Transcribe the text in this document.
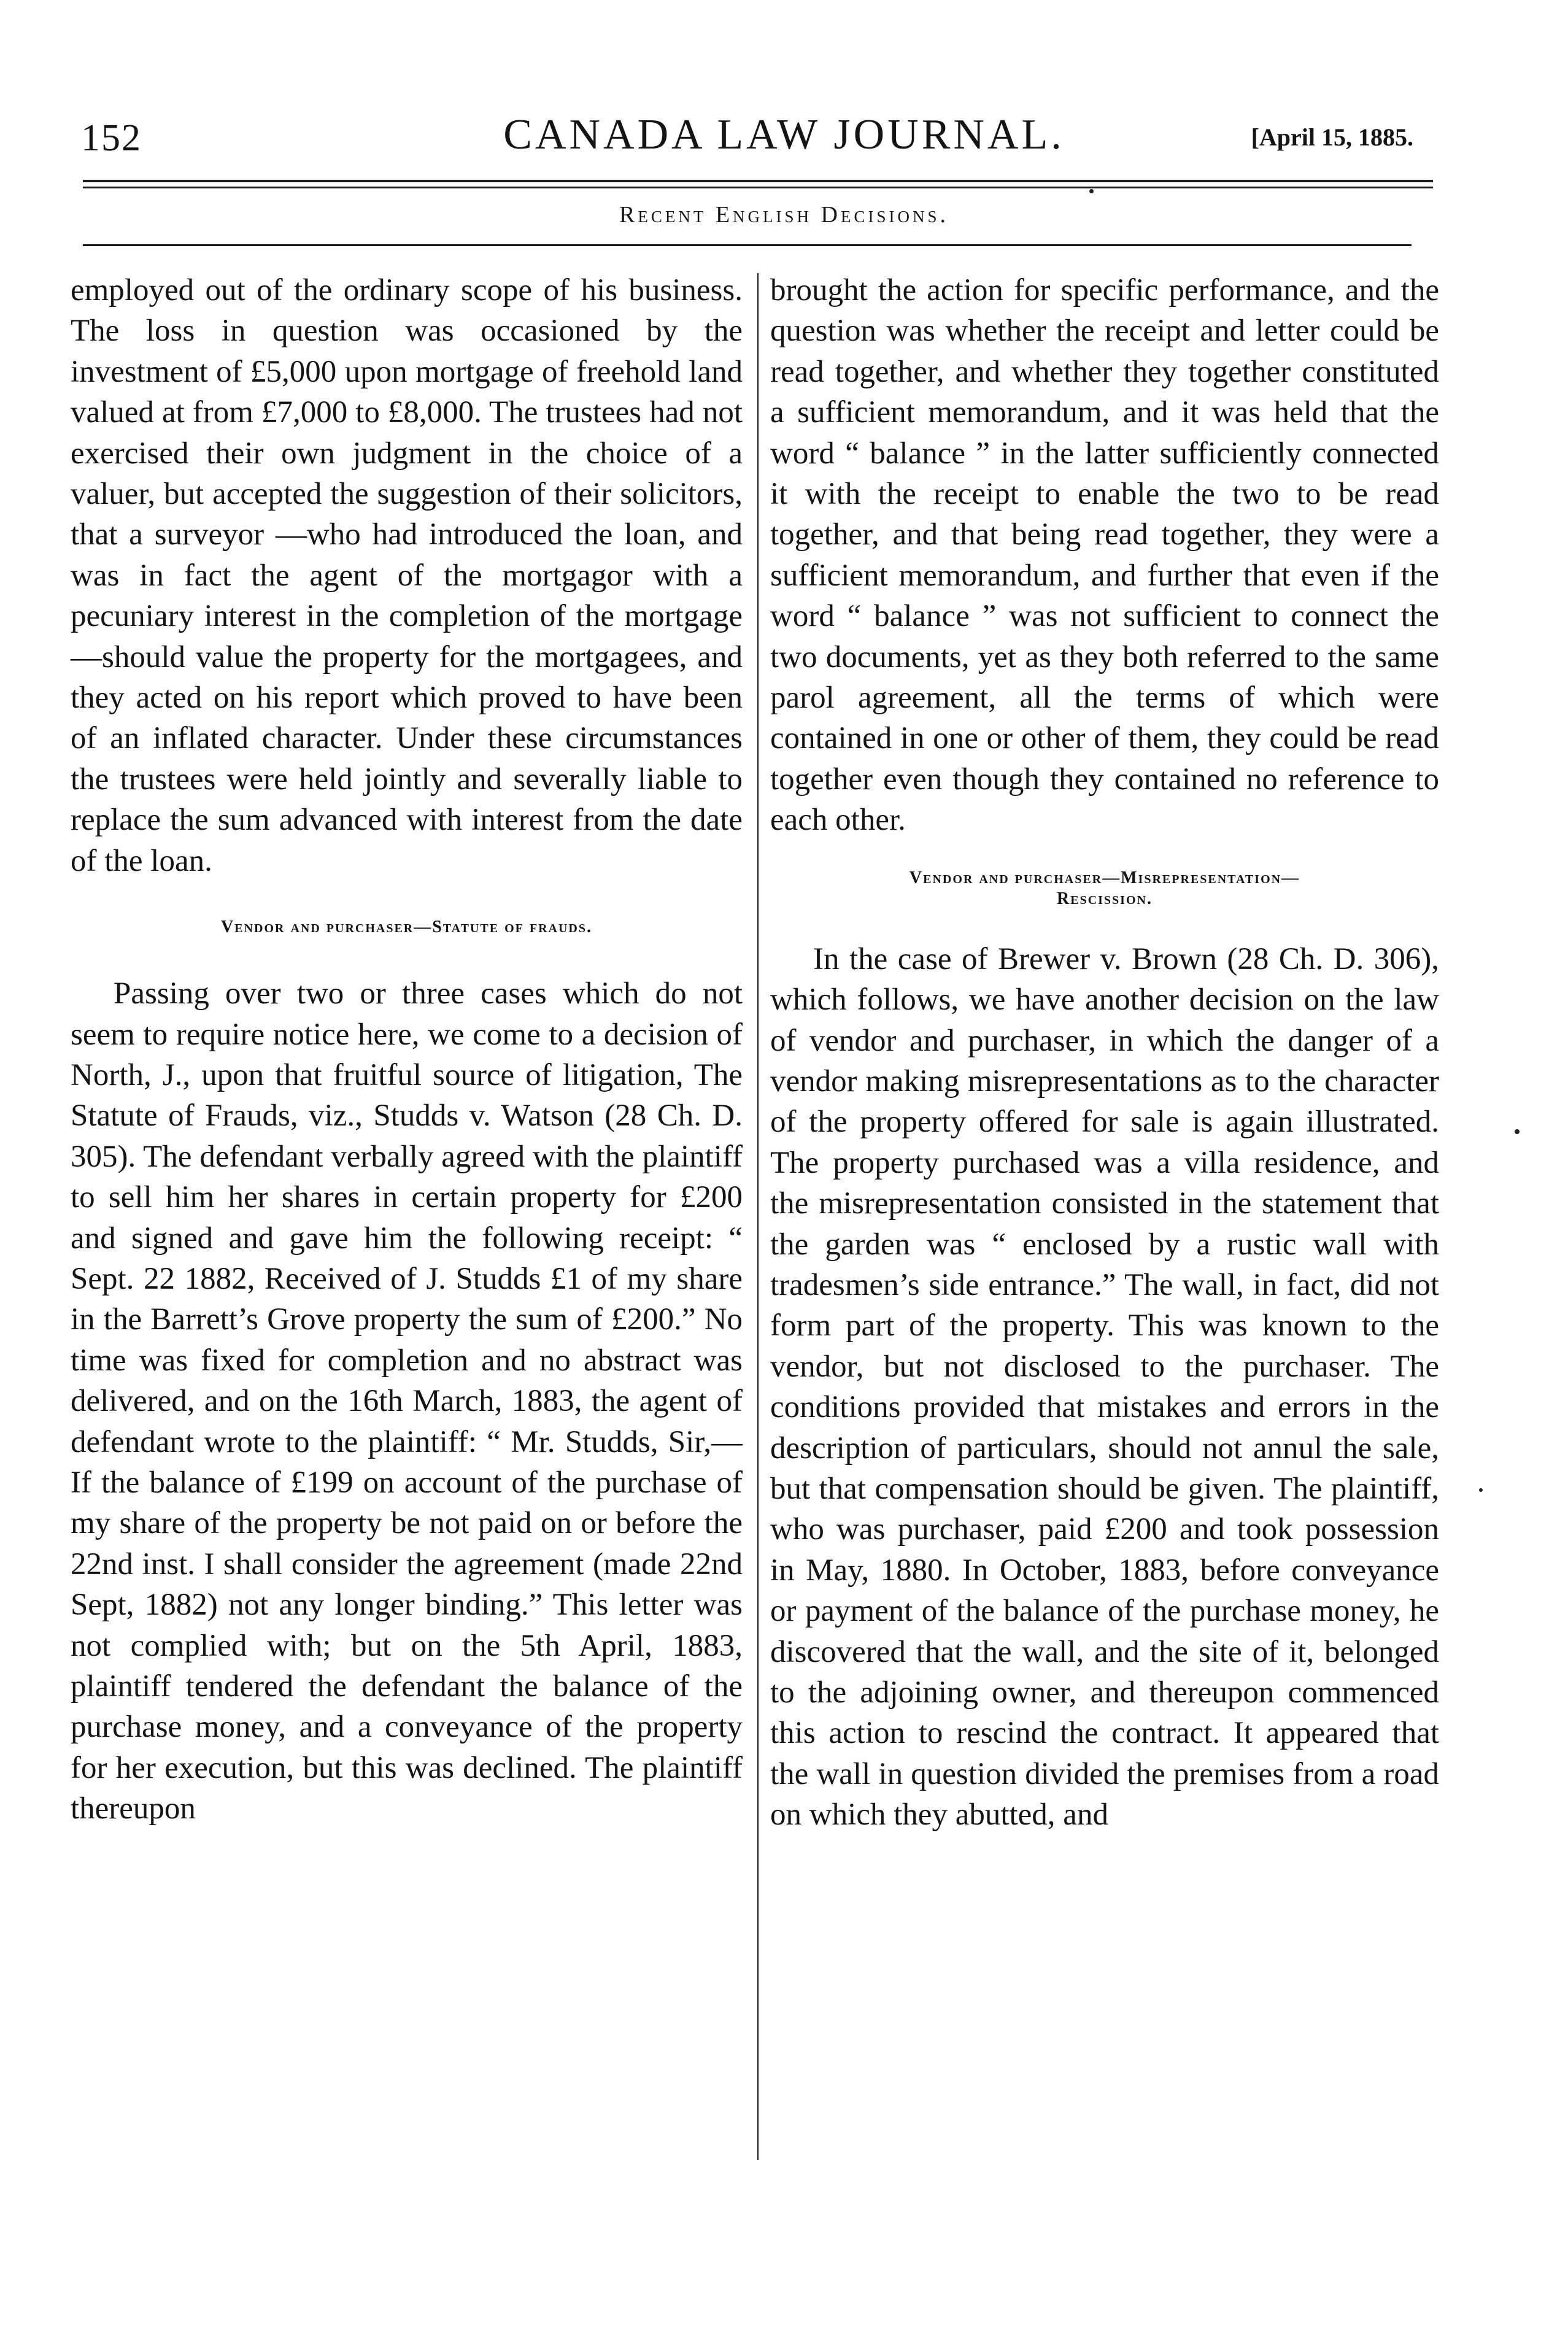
152	CANADA LAW JOURNAL.	[April 15, 1885.
Recent English Decisions.

employed out of the ordinary scope of his business. The loss in question was occasioned by the investment of £5,000 upon mortgage of freehold land valued at from £7,000 to £8,000. The trustees had not exercised their own judgment in the choice of a valuer, but accepted the suggestion of their solicitors, that a surveyor —who had introduced the loan, and was in fact the agent of the mortgagor with a pecuniary interest in the completion of the mortgage—should value the property for the mortgagees, and they acted on his report which proved to have been of an inflated character. Under these circumstances the trustees were held jointly and severally liable to replace the sum advanced with interest from the date of the loan.

Vendor and purchaser—Statute of frauds.

Passing over two or three cases which do not seem to require notice here, we come to a decision of North, J., upon that fruitful source of litigation, The Statute of Frauds, viz., Studds v. Watson (28 Ch. D. 305). The defendant verbally agreed with the plaintiff to sell him her shares in certain property for £200 and signed and gave him the following receipt: “ Sept. 22 1882, Received of J. Studds £1 of my share in the Barrett’s Grove property the sum of £200.” No time was fixed for completion and no abstract was delivered, and on the 16th March, 1883, the agent of defendant wrote to the plaintiff: “ Mr. Studds, Sir,—If the balance of £199 on account of the purchase of my share of the property be not paid on or before the 22nd inst. I shall consider the agreement (made 22nd Sept, 1882) not any longer binding.” This letter was not complied with; but on the 5th April, 1883, plaintiff tendered the defendant the balance of the purchase money, and a conveyance of the property for her execution, but this was declined. The plaintiff thereupon

brought the action for specific performance, and the question was whether the receipt and letter could be read together, and whether they together constituted a sufficient memorandum, and it was held that the word “ balance ” in the latter sufficiently connected it with the receipt to enable the two to be read together, and that being read together, they were a sufficient memorandum, and further that even if the word “ balance ” was not sufficient to connect the two documents, yet as they both referred to the same parol agreement, all the terms of which were contained in one or other of them, they could be read together even though they contained no reference to each other.

Vendor and purchaser—Misrepresentation—
Rescission.

In the case of Brewer v. Brown (28 Ch. D. 306), which follows, we have another decision on the law of vendor and purchaser, in which the danger of a vendor making misrepresentations as to the character of the property offered for sale is again illustrated. The property purchased was a villa residence, and the misrepresentation consisted in the statement that the garden was “ enclosed by a rustic wall with tradesmen’s side entrance.” The wall, in fact, did not form part of the property. This was known to the vendor, but not disclosed to the purchaser. The conditions provided that mistakes and errors in the description of particulars, should not annul the sale, but that compensation should be given. The plaintiff, who was purchaser, paid £200 and took possession in May, 1880. In October, 1883, before conveyance or payment of the balance of the purchase money, he discovered that the wall, and the site of it, belonged to the adjoining owner, and thereupon commenced this action to rescind the contract. It appeared that the wall in question divided the premises from a road on which they abutted, and
